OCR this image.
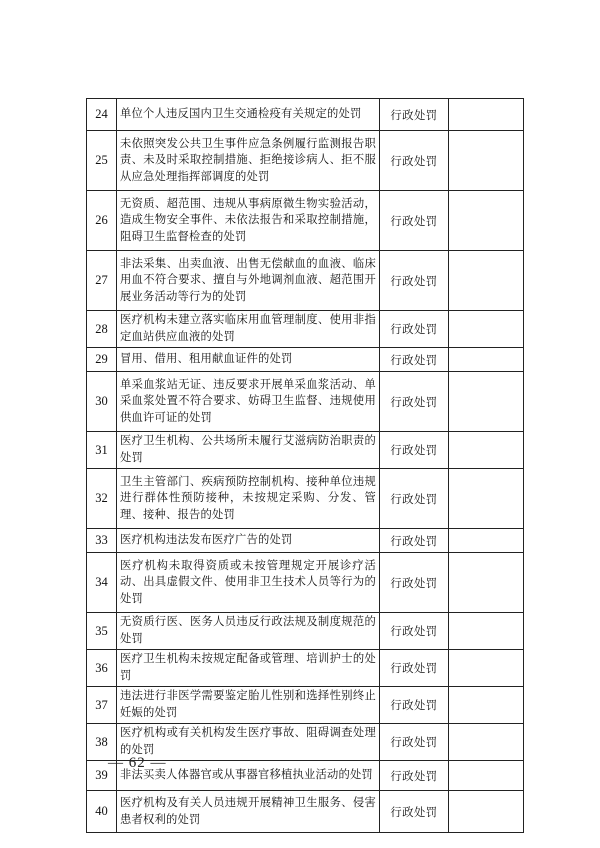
24	单位个人违反国内卫生交通检疫有关规定的处罚	行政处罚	
25	未依照突发公共卫生事件应急条例履行监测报告职责、未及时采取控制措施、拒绝接诊病人、拒不服从应急处理指挥部调度的处罚	行政处罚	
26	无资质、超范围、违规从事病原微生物实验活动，造成生物安全事件、未依法报告和采取控制措施，阻碍卫生监督检查的处罚	行政处罚	
27	非法采集、出卖血液、出售无偿献血的血液、临床用血不符合要求、擅自与外地调剂血液、超范围开展业务活动等行为的处罚	行政处罚	
28	医疗机构未建立落实临床用血管理制度、使用非指定血站供应血液的处罚	行政处罚	
29	冒用、借用、租用献血证件的处罚	行政处罚	
30	单采血浆站无证、违反要求开展单采血浆活动、单采血浆处置不符合要求、妨碍卫生监督、违规使用供血许可证的处罚	行政处罚	
31	医疗卫生机构、公共场所未履行艾滋病防治职责的处罚	行政处罚	
32	卫生主管部门、疾病预防控制机构、接种单位违规进行群体性预防接种，未按规定采购、分发、管理、接种、报告的处罚	行政处罚	
33	医疗机构违法发布医疗广告的处罚	行政处罚	
34	医疗机构未取得资质或未按管理规定开展诊疗活动、出具虚假文件、使用非卫生技术人员等行为的处罚	行政处罚	
35	无资质行医、医务人员违反行政法规及制度规范的处罚	行政处罚	
36	医疗卫生机构未按规定配备或管理、培训护士的处罚	行政处罚	
37	违法进行非医学需要鉴定胎儿性别和选择性别终止妊娠的处罚	行政处罚	
38	医疗机构或有关机构发生医疗事故、阻碍调查处理的处罚	行政处罚	
39	非法买卖人体器官或从事器官移植执业活动的处罚	行政处罚	
40	医疗机构及有关人员违规开展精神卫生服务、侵害患者权利的处罚	行政处罚	
— 62 —
